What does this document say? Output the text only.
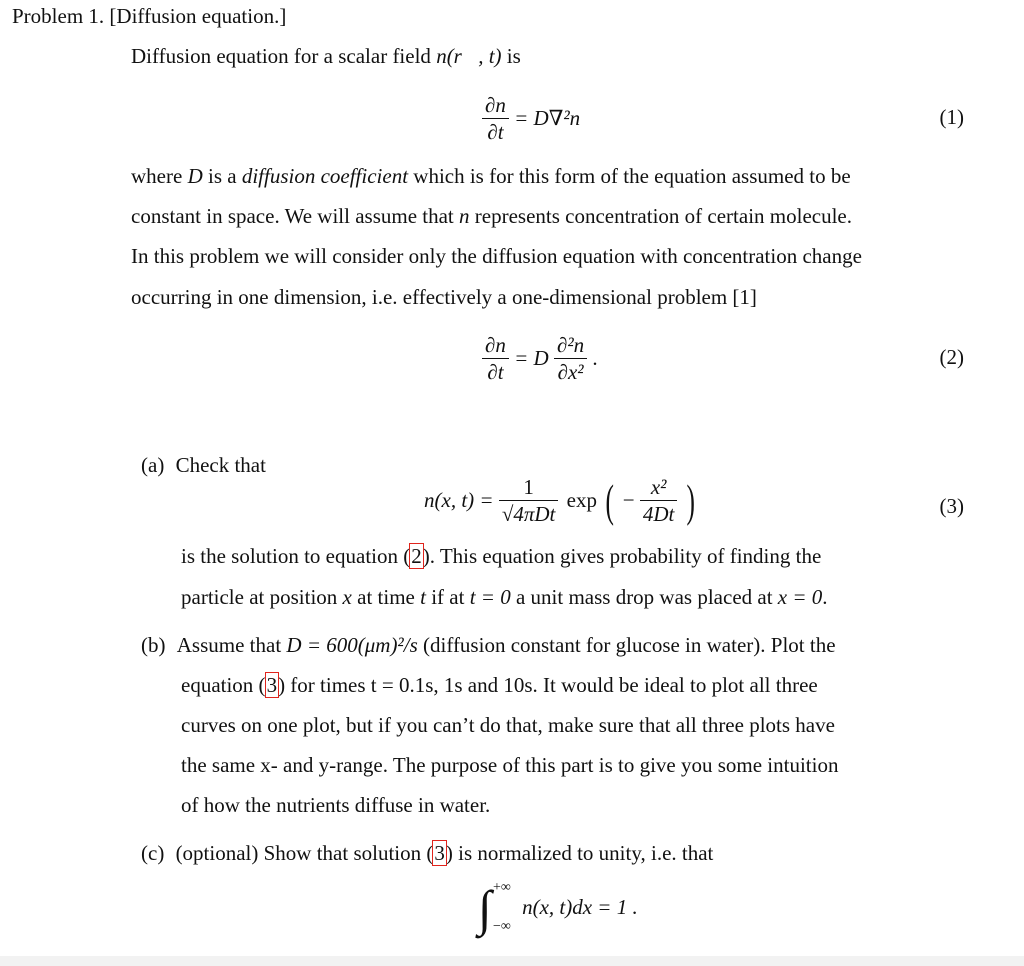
Problem 1. [Diffusion equation.]
Diffusion equation for a scalar field n(r⃗, t) is
$\frac{\partial n}{\partial t} = D\nabla^2n$	(1)
where D is a diffusion coefficient which is for this form of the equation assumed to be
constant in space. We will assume that n represents concentration of certain molecule.
In this problem we will consider only the diffusion equation with concentration change
occurring in one dimension, i.e. effectively a one-dimensional problem [1]
$\frac{\partial n}{\partial t} = D \frac{\text{∂²n}}{\text{∂x²}}$ .	(2)
(a) Check that
n(x, $t) = \frac{1}{\text{√4πDt}}$ exp ( − $\frac{\text{x²}}{4Dt}$ )	(3)
is the solution to equation (2). This equation gives probability of finding the
particle at position x at time t if at t = 0 a unit mass drop was placed at x = 0.
(b) Assume that D = 600(μm)²/s (diffusion constant for glucose in water). Plot the
equation (3) for times t = 0.1s, 1s and 10s. It would be ideal to plot all three
curves on one plot, but if you can’t do that, make sure that all three plots have
the same x- and y-range. The purpose of this part is to give you some intuition
of how the nutrients diffuse in water.
(c) (optional) Show that solution (3) is normalized to unity, i.e. that
∫ +∞
−∞
n(x, t)dx = 1 .
